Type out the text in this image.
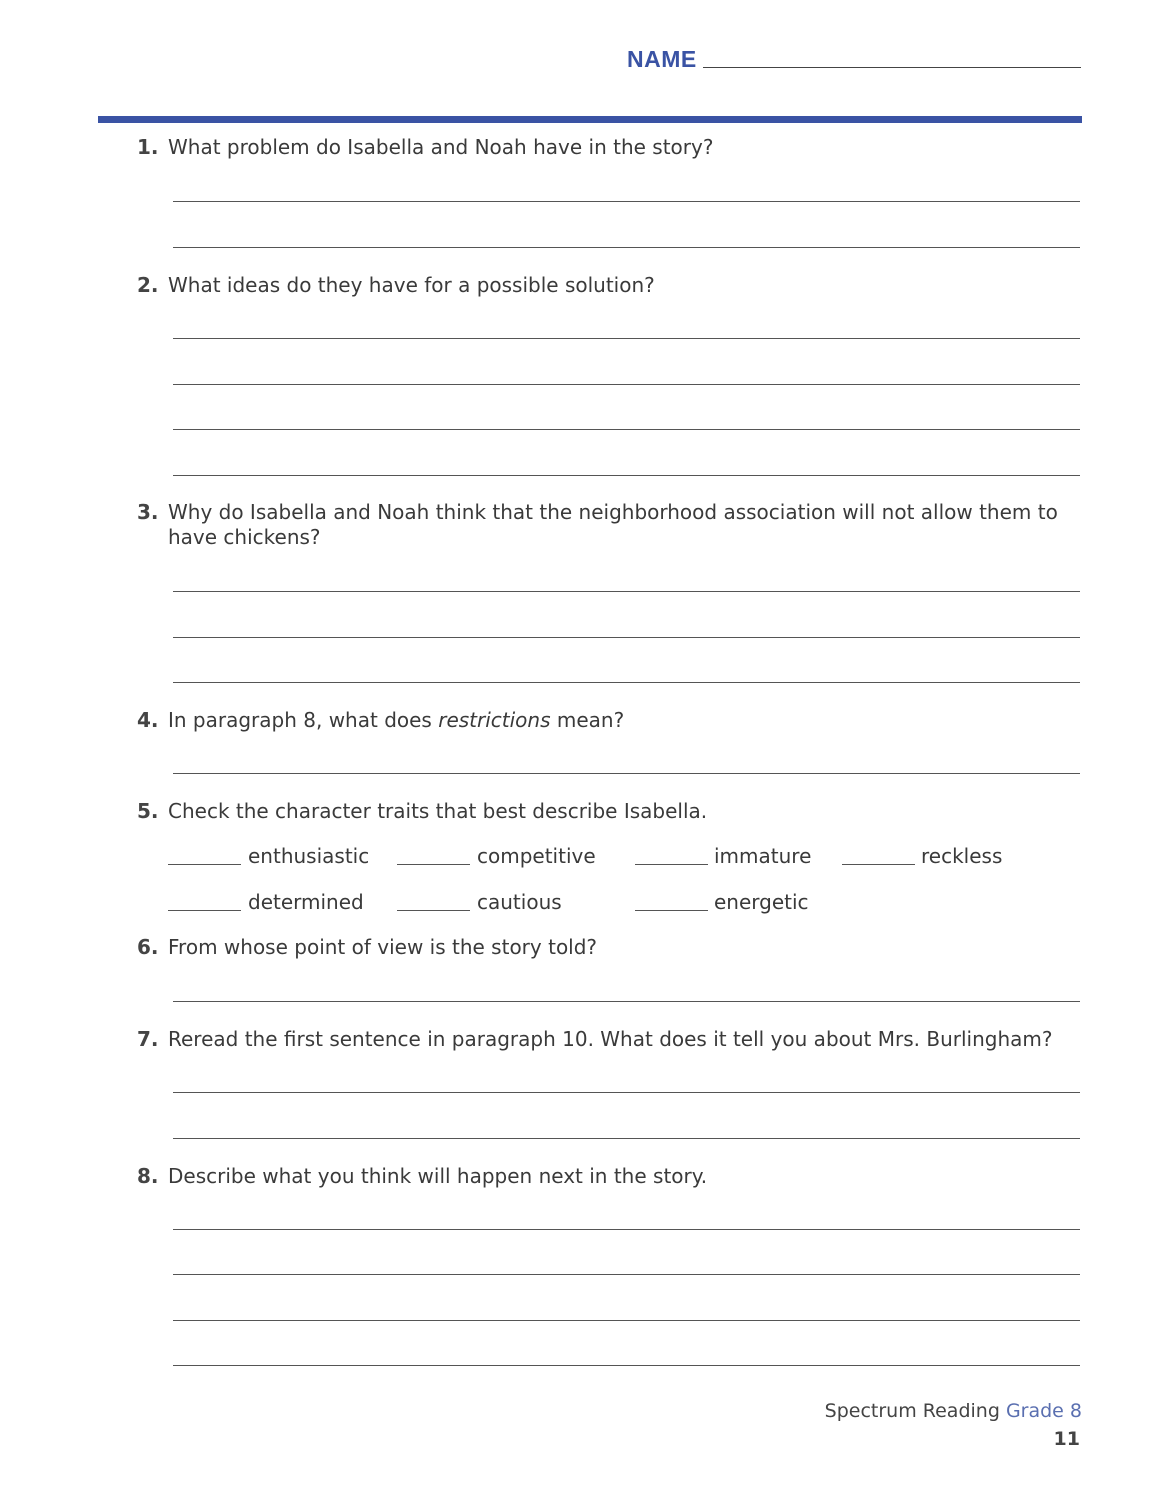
NAME
1. What problem do Isabella and Noah have in the story?
2. What ideas do they have for a possible solution?
3. Why do Isabella and Noah think that the neighborhood association will not allow them to have chickens?
4. In paragraph 8, what does restrictions mean?
5. Check the character traits that best describe Isabella.
enthusiastic	competitive	immature	reckless
determined	cautious	energetic
6. From whose point of view is the story told?
7. Reread the first sentence in paragraph 10. What does it tell you about Mrs. Burlingham?
8. Describe what you think will happen next in the story.
Spectrum Reading Grade 8
11
